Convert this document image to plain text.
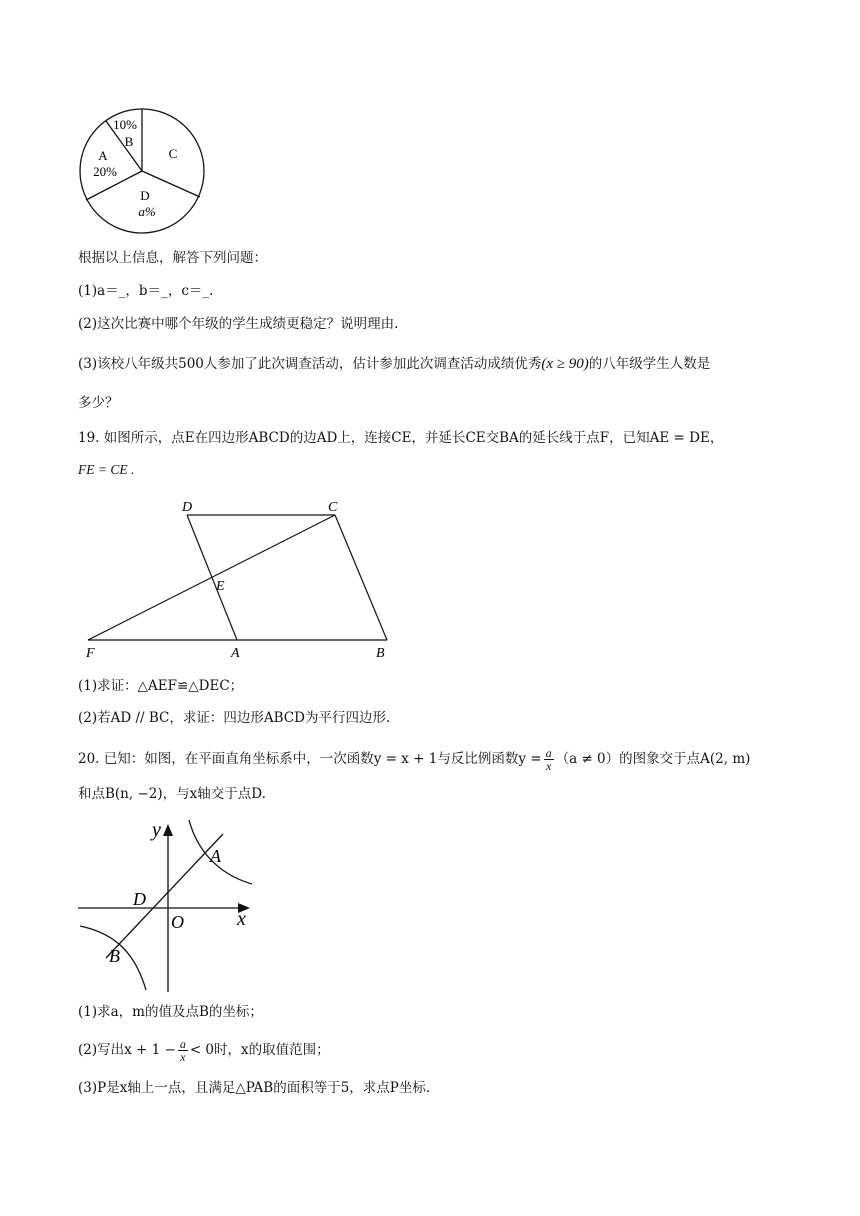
10%
B
A
20%
C
D
a%
根据以上信息，解答下列问题：
(1)a＝_，b＝_，c＝_.
(2)这次比赛中哪个年级的学生成绩更稳定？说明理由.
(3)该校八年级共500人参加了此次调查活动，估计参加此次调查活动成绩优秀(x ≥ 90)的八年级学生人数是
多少？
19. 如图所示，点E在四边形ABCD的边AD上，连接CE，并延长CE交BA的延长线于点F，已知AE = DE，
FE = CE .
D	C
E
F	A	B
(1)求证：△AEF≌△DEC；
(2)若AD // BC，求证：四边形ABCD为平行四边形.
20. 已知：如图，在平面直角坐标系中，一次函数y = x + 1与反比例函数$y = \frac{a}{x} (a \ne 0)$的图象交于点A(2, m)
和点B(n, −2)，与x轴交于点D.
y
A
D
O	x
B
(1)求a，m的值及点B的坐标；
(2)写出$x + 1 - \frac{a}{x} < 0$时，x的取值范围；
(3)P是x轴上一点，且满足△PAB的面积等于5，求点P坐标.
